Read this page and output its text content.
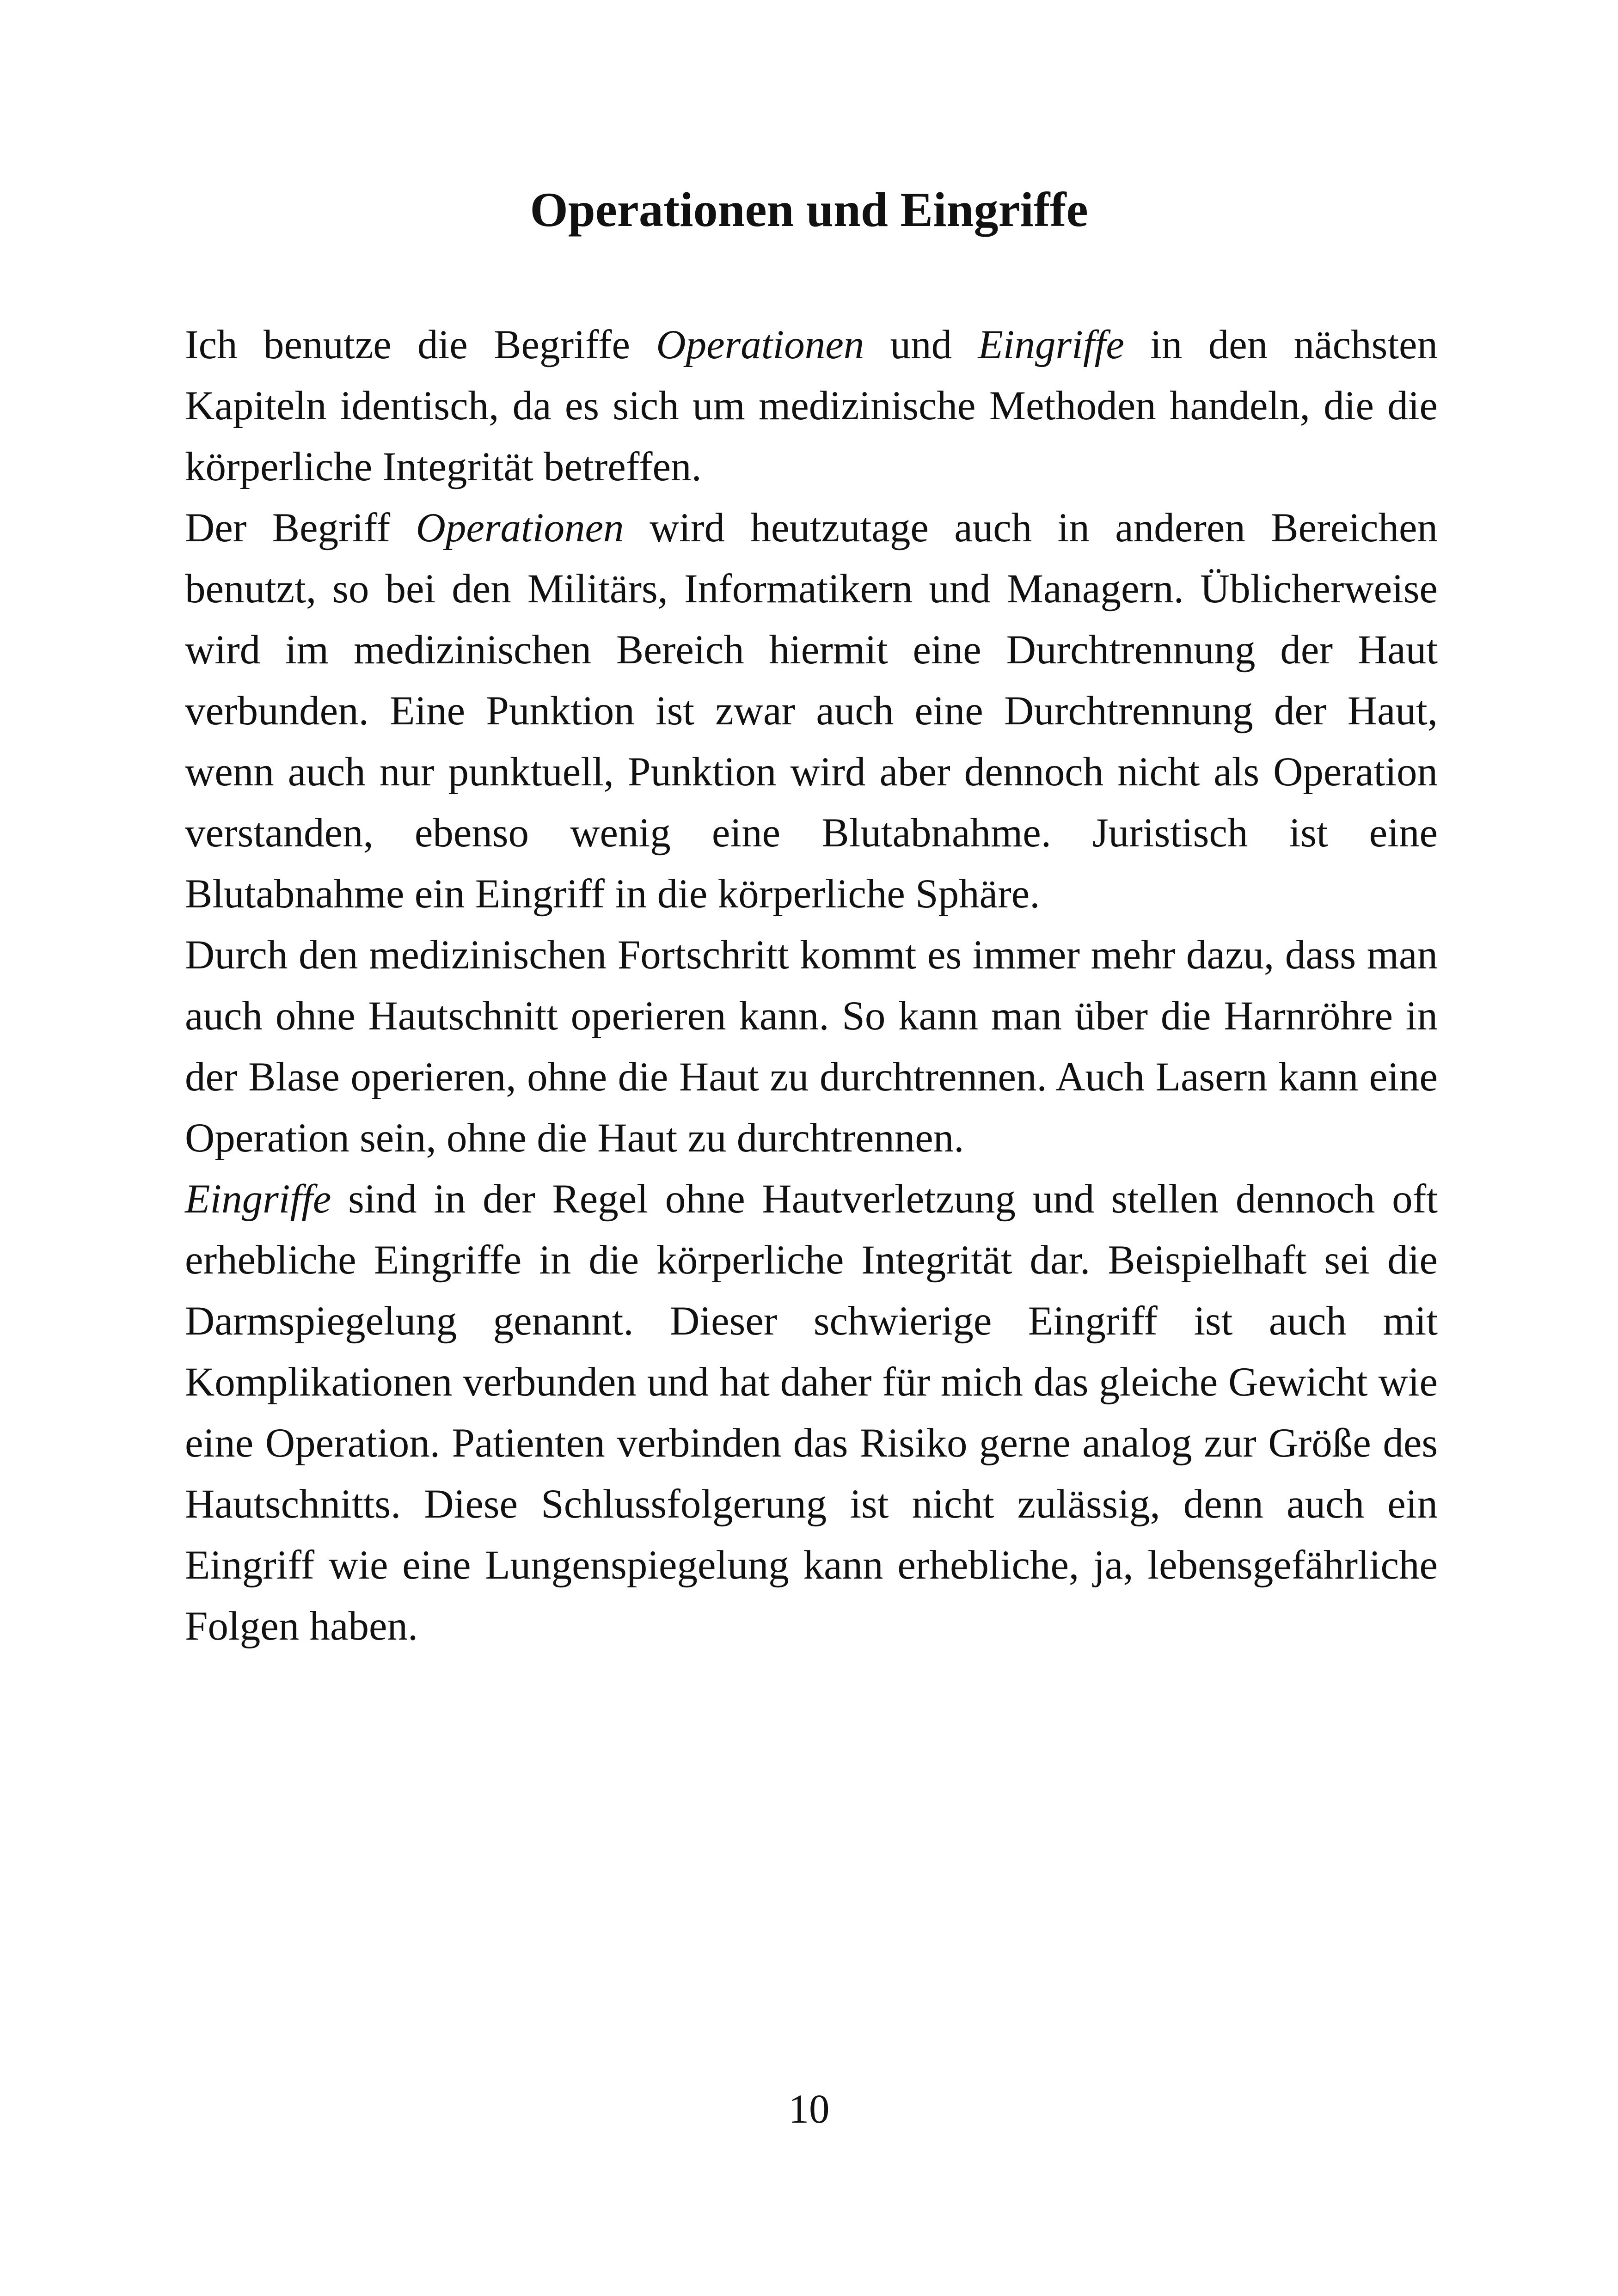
Operationen und Eingriffe

Ich benutze die Begriffe Operationen und Eingriffe in den nächsten Kapiteln identisch, da es sich um medizinische Methoden handeln, die die körperliche Integrität betreffen.

Der Begriff Operationen wird heutzutage auch in anderen Bereichen benutzt, so bei den Militärs, Informatikern und Managern. Üblicherweise wird im medizinischen Bereich hiermit eine Durchtrennung der Haut verbunden. Eine Punktion ist zwar auch eine Durchtrennung der Haut, wenn auch nur punktuell, Punktion wird aber dennoch nicht als Operation verstanden, ebenso wenig eine Blutabnahme. Juristisch ist eine Blutabnahme ein Eingriff in die körperliche Sphäre.

Durch den medizinischen Fortschritt kommt es immer mehr dazu, dass man auch ohne Hautschnitt operieren kann. So kann man über die Harnröhre in der Blase operieren, ohne die Haut zu durchtrennen. Auch Lasern kann eine Operation sein, ohne die Haut zu durchtrennen.

Eingriffe sind in der Regel ohne Hautverletzung und stellen dennoch oft erhebliche Eingriffe in die körperliche Integrität dar. Beispielhaft sei die Darmspiegelung genannt. Dieser schwierige Eingriff ist auch mit Komplikationen verbunden und hat daher für mich das gleiche Gewicht wie eine Operation. Patienten verbinden das Risiko gerne analog zur Größe des Hautschnitts. Diese Schlussfolgerung ist nicht zulässig, denn auch ein Eingriff wie eine Lungenspiegelung kann erhebliche, ja, lebensgefährliche Folgen haben.

10
